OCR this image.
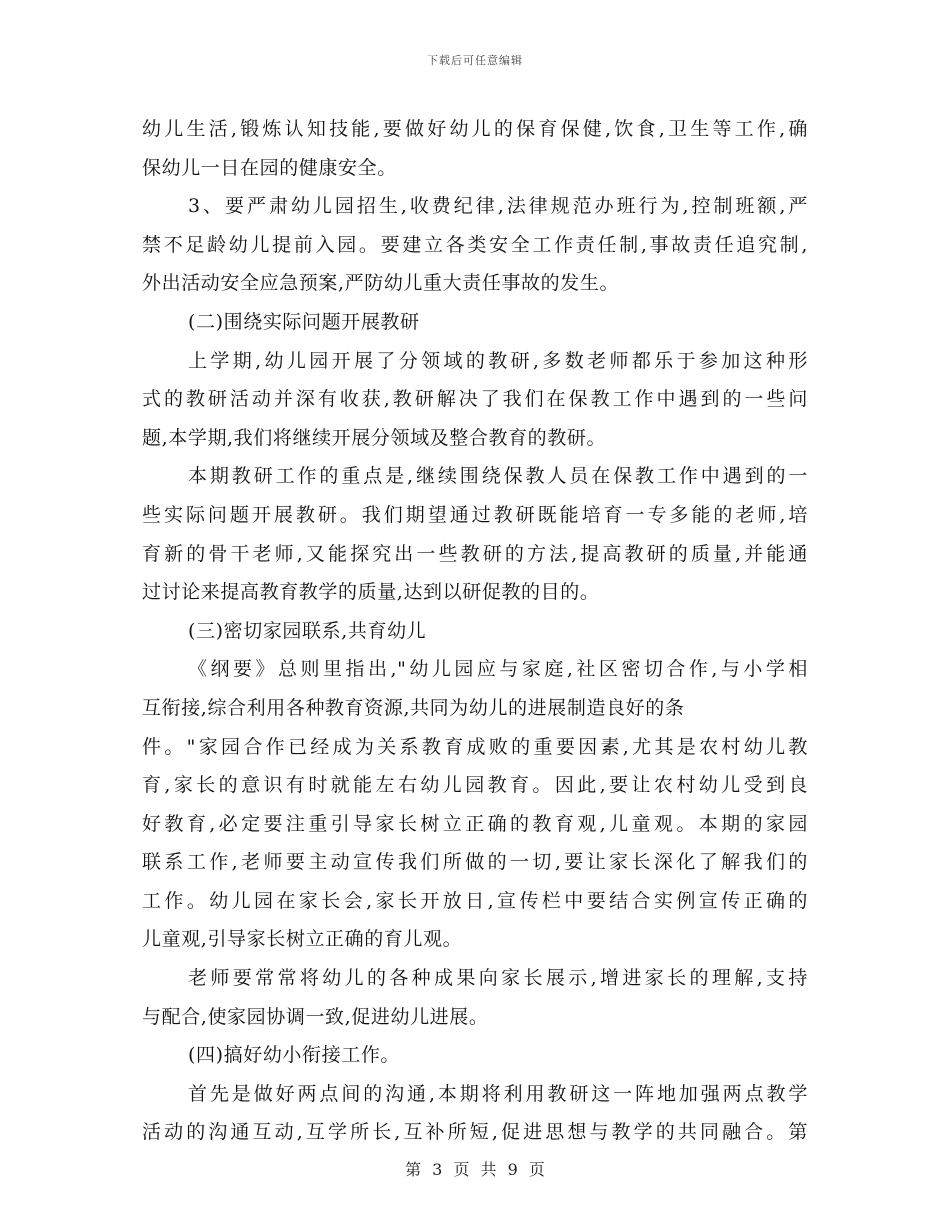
下载后可任意编辑
幼儿生活,锻炼认知技能,要做好幼儿的保育保健,饮食,卫生等工作,确
保幼儿一日在园的健康安全。
3、要严肃幼儿园招生,收费纪律,法律规范办班行为,控制班额,严
禁不足龄幼儿提前入园。要建立各类安全工作责任制,事故责任追究制,
外出活动安全应急预案,严防幼儿重大责任事故的发生。
(二)围绕实际问题开展教研
上学期,幼儿园开展了分领域的教研,多数老师都乐于参加这种形
式的教研活动并深有收获,教研解决了我们在保教工作中遇到的一些问
题,本学期,我们将继续开展分领域及整合教育的教研。
本期教研工作的重点是,继续围绕保教人员在保教工作中遇到的一
些实际问题开展教研。我们期望通过教研既能培育一专多能的老师,培
育新的骨干老师,又能探究出一些教研的方法,提高教研的质量,并能通
过讨论来提高教育教学的质量,达到以研促教的目的。
(三)密切家园联系,共育幼儿
《纲要》总则里指出,"幼儿园应与家庭,社区密切合作,与小学相
互衔接,综合利用各种教育资源,共同为幼儿的进展制造良好的条
件。"家园合作已经成为关系教育成败的重要因素,尤其是农村幼儿教
育,家长的意识有时就能左右幼儿园教育。因此,要让农村幼儿受到良
好教育,必定要注重引导家长树立正确的教育观,儿童观。本期的家园
联系工作,老师要主动宣传我们所做的一切,要让家长深化了解我们的
工作。幼儿园在家长会,家长开放日,宣传栏中要结合实例宣传正确的
儿童观,引导家长树立正确的育儿观。
老师要常常将幼儿的各种成果向家长展示,增进家长的理解,支持
与配合,使家园协调一致,促进幼儿进展。
(四)搞好幼小衔接工作。
首先是做好两点间的沟通,本期将利用教研这一阵地加强两点教学
活动的沟通互动,互学所长,互补所短,促进思想与教学的共同融合。第
第 3 页 共 9 页
